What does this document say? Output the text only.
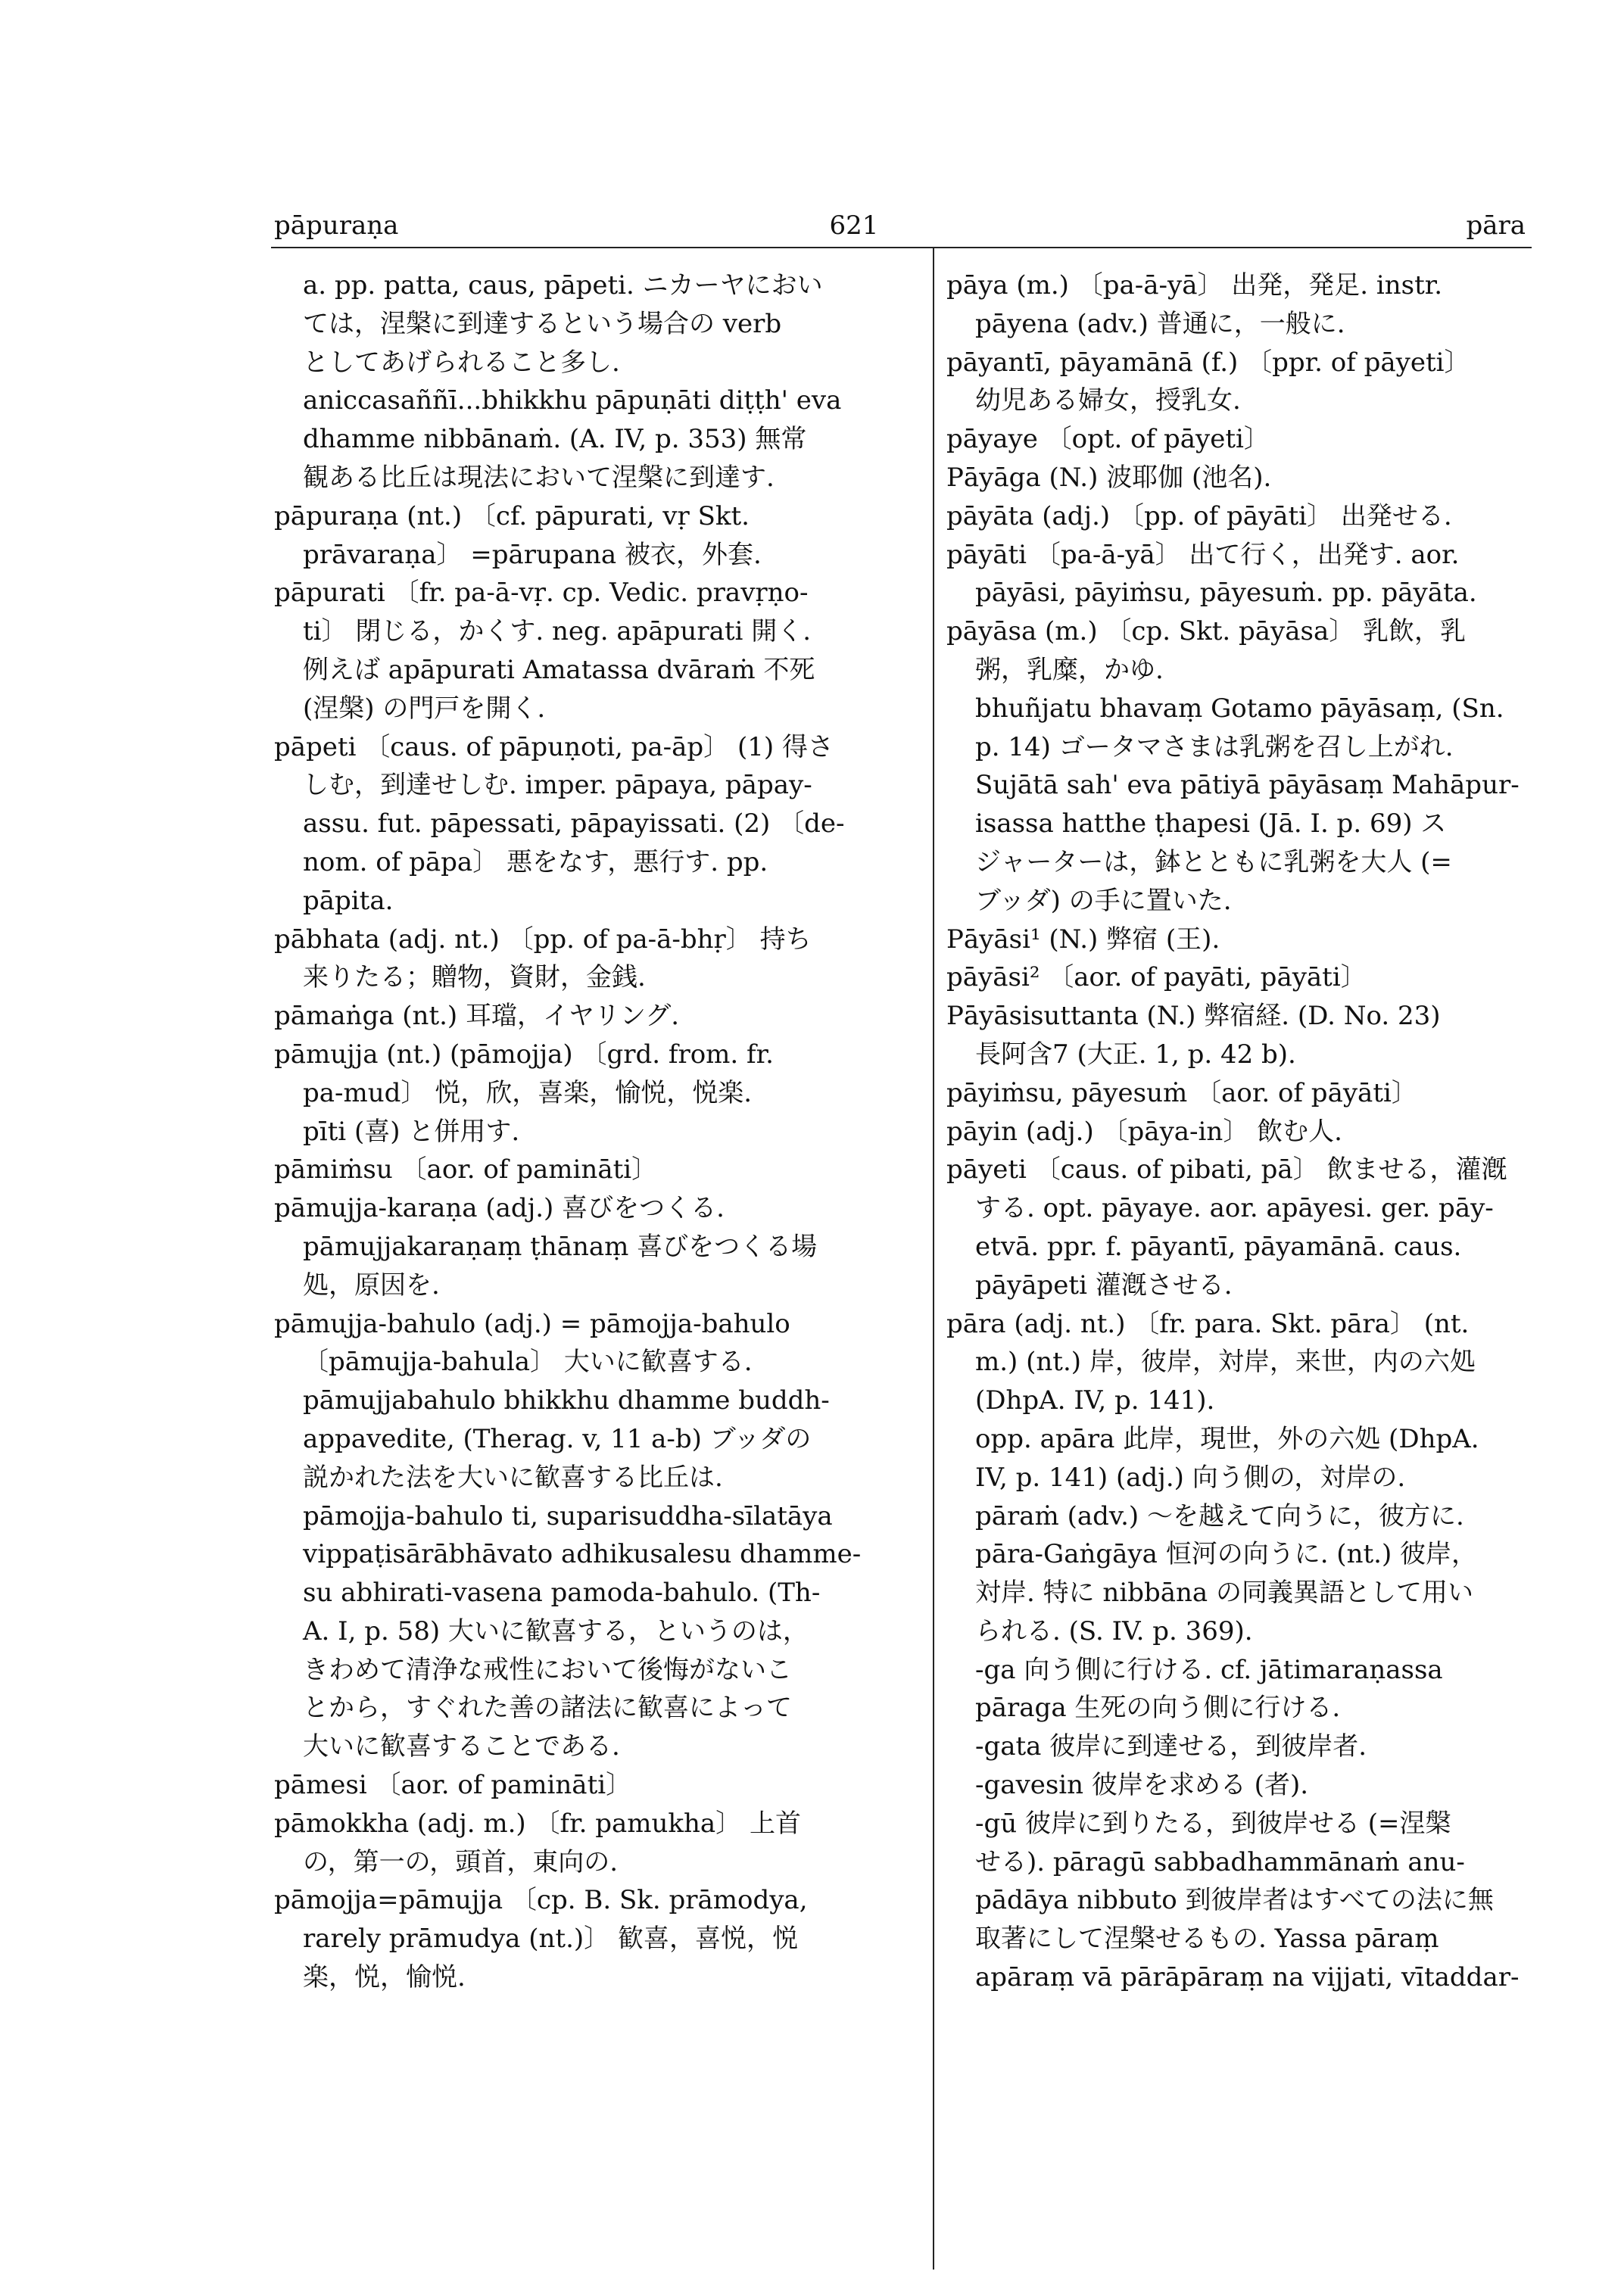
pāpuraṇa	621	pāra
a. pp. patta, caus, pāpeti. ニカーヤにおい
ては，涅槃に到達するという場合の verb
としてあげられること多し.
aniccasaññī...bhikkhu pāpuṇāti diṭṭh' eva
dhamme nibbānaṁ. (A. IV, p. 353) 無常
観ある比丘は現法において涅槃に到達す.
pāpuraṇa (nt.) 〔cf. pāpurati, vṛ Skt.
prāvaraṇa〕 =pārupana 被衣，外套.
pāpurati 〔fr. pa-ā-vṛ. cp. Vedic. pravṛṇo-
ti〕 閉じる，かくす. neg. apāpurati 開く.
例えば apāpurati Amatassa dvāraṁ 不死
(涅槃) の門戸を開く.
pāpeti 〔caus. of pāpuṇoti, pa-āp〕 (1) 得さ
しむ，到達せしむ. imper. pāpaya, pāpay-
assu. fut. pāpessati, pāpayissati. (2) 〔de-
nom. of pāpa〕 悪をなす，悪行す. pp.
pāpita.
pābhata (adj. nt.) 〔pp. of pa-ā-bhṛ〕 持ち
来りたる；贈物，資財，金銭.
pāmaṅga (nt.) 耳璫，イヤリング.
pāmujja (nt.) (pāmojja) 〔grd. from. fr.
pa-mud〕 悦，欣，喜楽，愉悦，悦楽.
pīti (喜) と併用す.
pāmiṁsu 〔aor. of pamināti〕
pāmujja-karaṇa (adj.) 喜びをつくる.
pāmujjakaraṇaṃ ṭhānaṃ 喜びをつくる場
処，原因を.
pāmujja-bahulo (adj.) = pāmojja-bahulo
〔pāmujja-bahula〕 大いに歓喜する.
pāmujjabahulo bhikkhu dhamme buddh-
appavedite, (Therag. v, 11 a-b) ブッダの
説かれた法を大いに歓喜する比丘は.
pāmojja-bahulo ti, suparisuddha-sīlatāya
vippaṭisārābhāvato adhikusalesu dhamme-
su abhirati-vasena pamoda-bahulo. (Th-
A. I, p. 58) 大いに歓喜する，というのは，
きわめて清浄な戒性において後悔がないこ
とから，すぐれた善の諸法に歓喜によって
大いに歓喜することである.
pāmesi 〔aor. of pamināti〕
pāmokkha (adj. m.) 〔fr. pamukha〕 上首
の，第一の，頭首，東向の.
pāmojja=pāmujja 〔cp. B. Sk. prāmodya,
rarely prāmudya (nt.)〕 歓喜，喜悦，悦
楽，悦，愉悦.
pāya (m.) 〔pa-ā-yā〕 出発，発足. instr.
pāyena (adv.) 普通に，一般に.
pāyantī, pāyamānā (f.) 〔ppr. of pāyeti〕
幼児ある婦女，授乳女.
pāyaye 〔opt. of pāyeti〕
Pāyāga (N.) 波耶伽 (池名).
pāyāta (adj.) 〔pp. of pāyāti〕 出発せる.
pāyāti 〔pa-ā-yā〕 出て行く，出発す. aor.
pāyāsi, pāyiṁsu, pāyesuṁ. pp. pāyāta.
pāyāsa (m.) 〔cp. Skt. pāyāsa〕 乳飲，乳
粥，乳糜，かゆ.
bhuñjatu bhavaṃ Gotamo pāyāsaṃ, (Sn.
p. 14) ゴータマさまは乳粥を召し上がれ.
Sujātā sah' eva pātiyā pāyāsaṃ Mahāpur-
isassa hatthe ṭhapesi (Jā. I. p. 69) ス
ジャーターは，鉢とともに乳粥を大人 (=
ブッダ) の手に置いた.
Pāyāsi¹ (N.) 弊宿 (王).
pāyāsi² 〔aor. of payāti, pāyāti〕
Pāyāsisuttanta (N.) 弊宿経. (D. No. 23)
長阿含7 (大正. 1, p. 42 b).
pāyiṁsu, pāyesuṁ 〔aor. of pāyāti〕
pāyin (adj.) 〔pāya-in〕 飲む人.
pāyeti 〔caus. of pibati, pā〕 飲ませる，灌漑
する. opt. pāyaye. aor. apāyesi. ger. pāy-
etvā. ppr. f. pāyantī, pāyamānā. caus.
pāyāpeti 灌漑させる.
pāra (adj. nt.) 〔fr. para. Skt. pāra〕 (nt.
m.) (nt.) 岸，彼岸，対岸，来世，内の六処
(DhpA. IV, p. 141).
opp. apāra 此岸，現世，外の六処 (DhpA.
IV, p. 141) (adj.) 向う側の，対岸の.
pāraṁ (adv.) ～を越えて向うに，彼方に.
pāra-Gaṅgāya 恒河の向うに. (nt.) 彼岸，
対岸. 特に nibbāna の同義異語として用い
られる. (S. IV. p. 369).
-ga 向う側に行ける. cf. jātimaraṇassa
pāraga 生死の向う側に行ける.
-gata 彼岸に到達せる，到彼岸者.
-gavesin 彼岸を求める (者).
-gū 彼岸に到りたる，到彼岸せる (=涅槃
せる). pāragū sabbadhammānaṁ anu-
pādāya nibbuto 到彼岸者はすべての法に無
取著にして涅槃せるもの. Yassa pāraṃ
apāraṃ vā pārāpāraṃ na vijjati, vītaddar-
